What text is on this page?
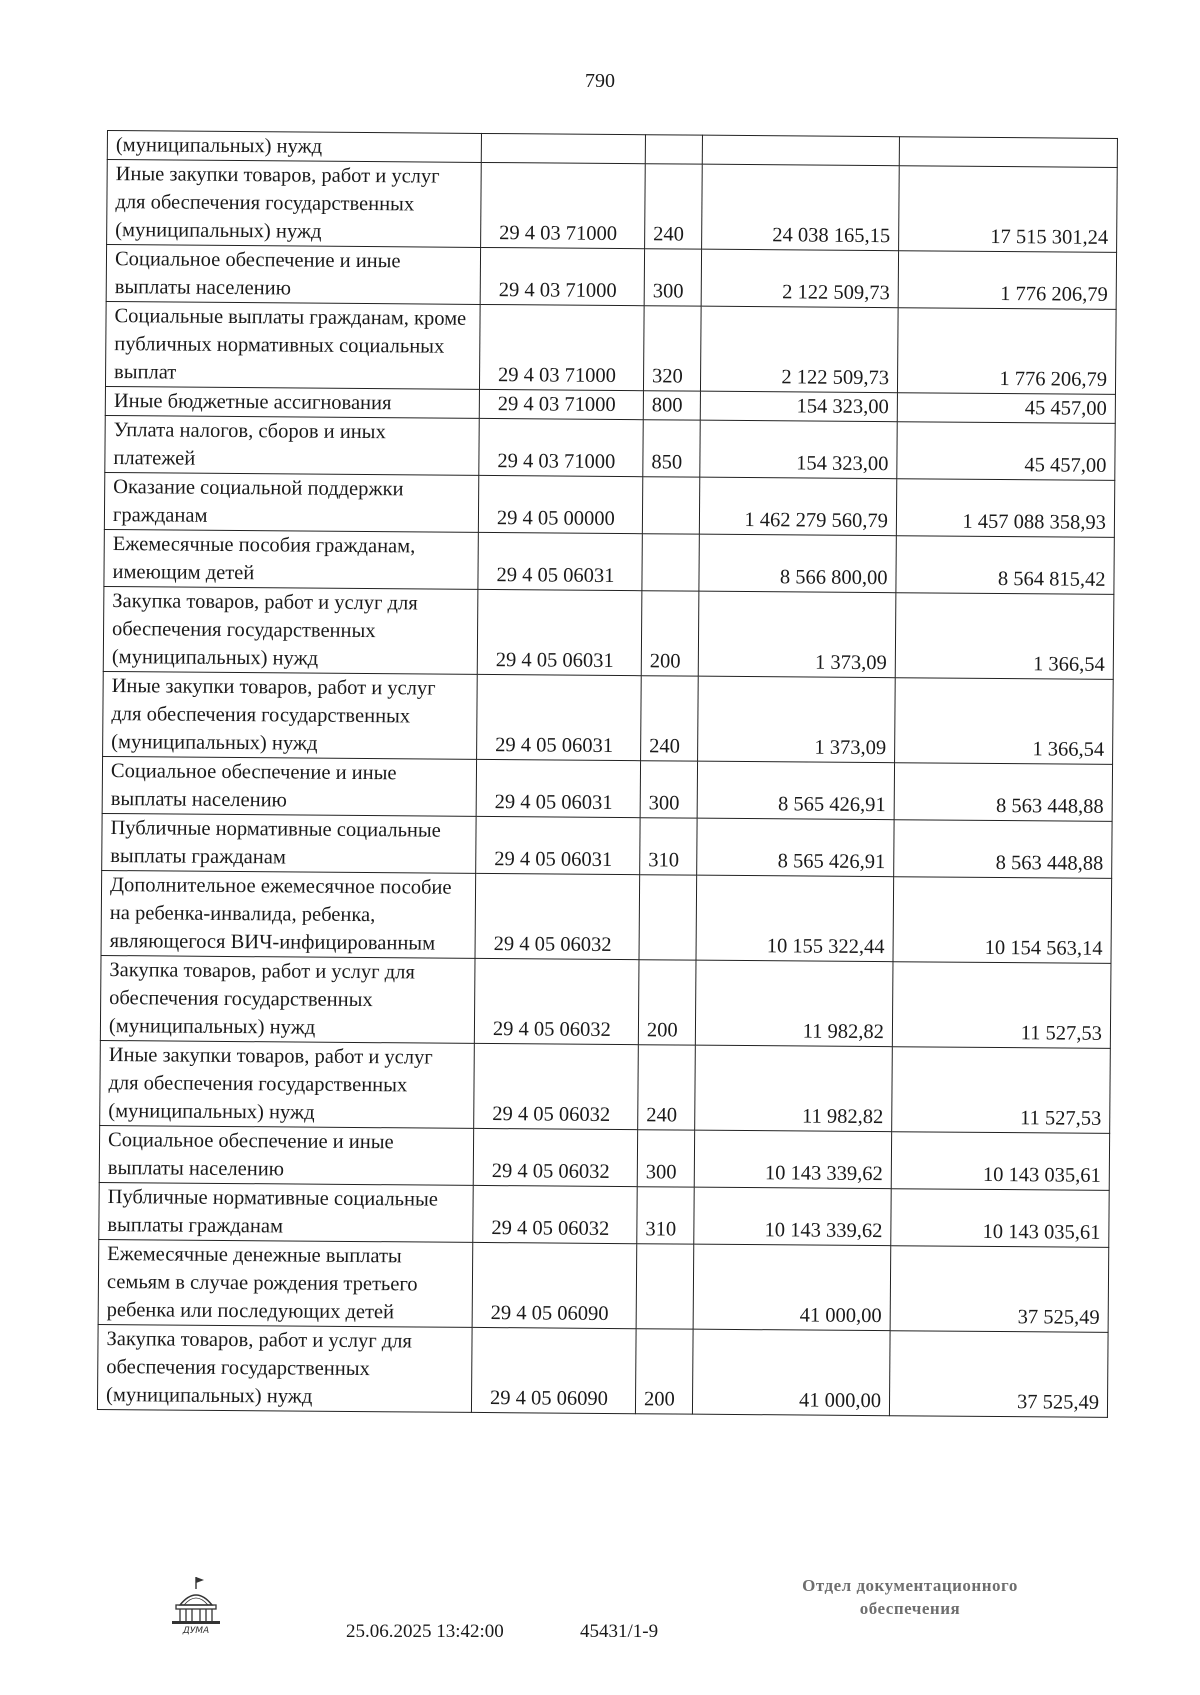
790
(муниципальных) нужд				

Иные закупки товаров, работ и услуг для обеспечения государственных (муниципальных) нужд	29 4 03 71000	240	24 038 165,15	17 515 301,24

Социальное обеспечение и иные выплаты населению	29 4 03 71000	300	2 122 509,73	1 776 206,79

Социальные выплаты гражданам, кроме публичных нормативных социальных выплат	29 4 03 71000	320	2 122 509,73	1 776 206,79

Иные бюджетные ассигнования	29 4 03 71000	800	154 323,00	45 457,00

Уплата налогов, сборов и иных платежей	29 4 03 71000	850	154 323,00	45 457,00

Оказание социальной поддержки гражданам	29 4 05 00000		1 462 279 560,79	1 457 088 358,93

Ежемесячные пособия гражданам, имеющим детей	29 4 05 06031		8 566 800,00	8 564 815,42

Закупка товаров, работ и услуг для обеспечения государственных (муниципальных) нужд	29 4 05 06031	200	1 373,09	1 366,54

Иные закупки товаров, работ и услуг для обеспечения государственных (муниципальных) нужд	29 4 05 06031	240	1 373,09	1 366,54

Социальное обеспечение и иные выплаты населению	29 4 05 06031	300	8 565 426,91	8 563 448,88

Публичные нормативные социальные выплаты гражданам	29 4 05 06031	310	8 565 426,91	8 563 448,88

Дополнительное ежемесячное пособие на ребенка-инвалида, ребенка, являющегося ВИЧ-инфицированным	29 4 05 06032		10 155 322,44	10 154 563,14

Закупка товаров, работ и услуг для обеспечения государственных (муниципальных) нужд	29 4 05 06032	200	11 982,82	11 527,53

Иные закупки товаров, работ и услуг для обеспечения государственных (муниципальных) нужд	29 4 05 06032	240	11 982,82	11 527,53

Социальное обеспечение и иные выплаты населению	29 4 05 06032	300	10 143 339,62	10 143 035,61

Публичные нормативные социальные выплаты гражданам	29 4 05 06032	310	10 143 339,62	10 143 035,61

Ежемесячные денежные выплаты семьям в случае рождения третьего ребенка или последующих детей	29 4 05 06090		41 000,00	37 525,49

Закупка товаров, работ и услуг для обеспечения государственных (муниципальных) нужд	29 4 05 06090	200	41 000,00	37 525,49
ДУМА	25.06.2025 13:42:00	45431/1-9
Отдел документационного
обеспечения
